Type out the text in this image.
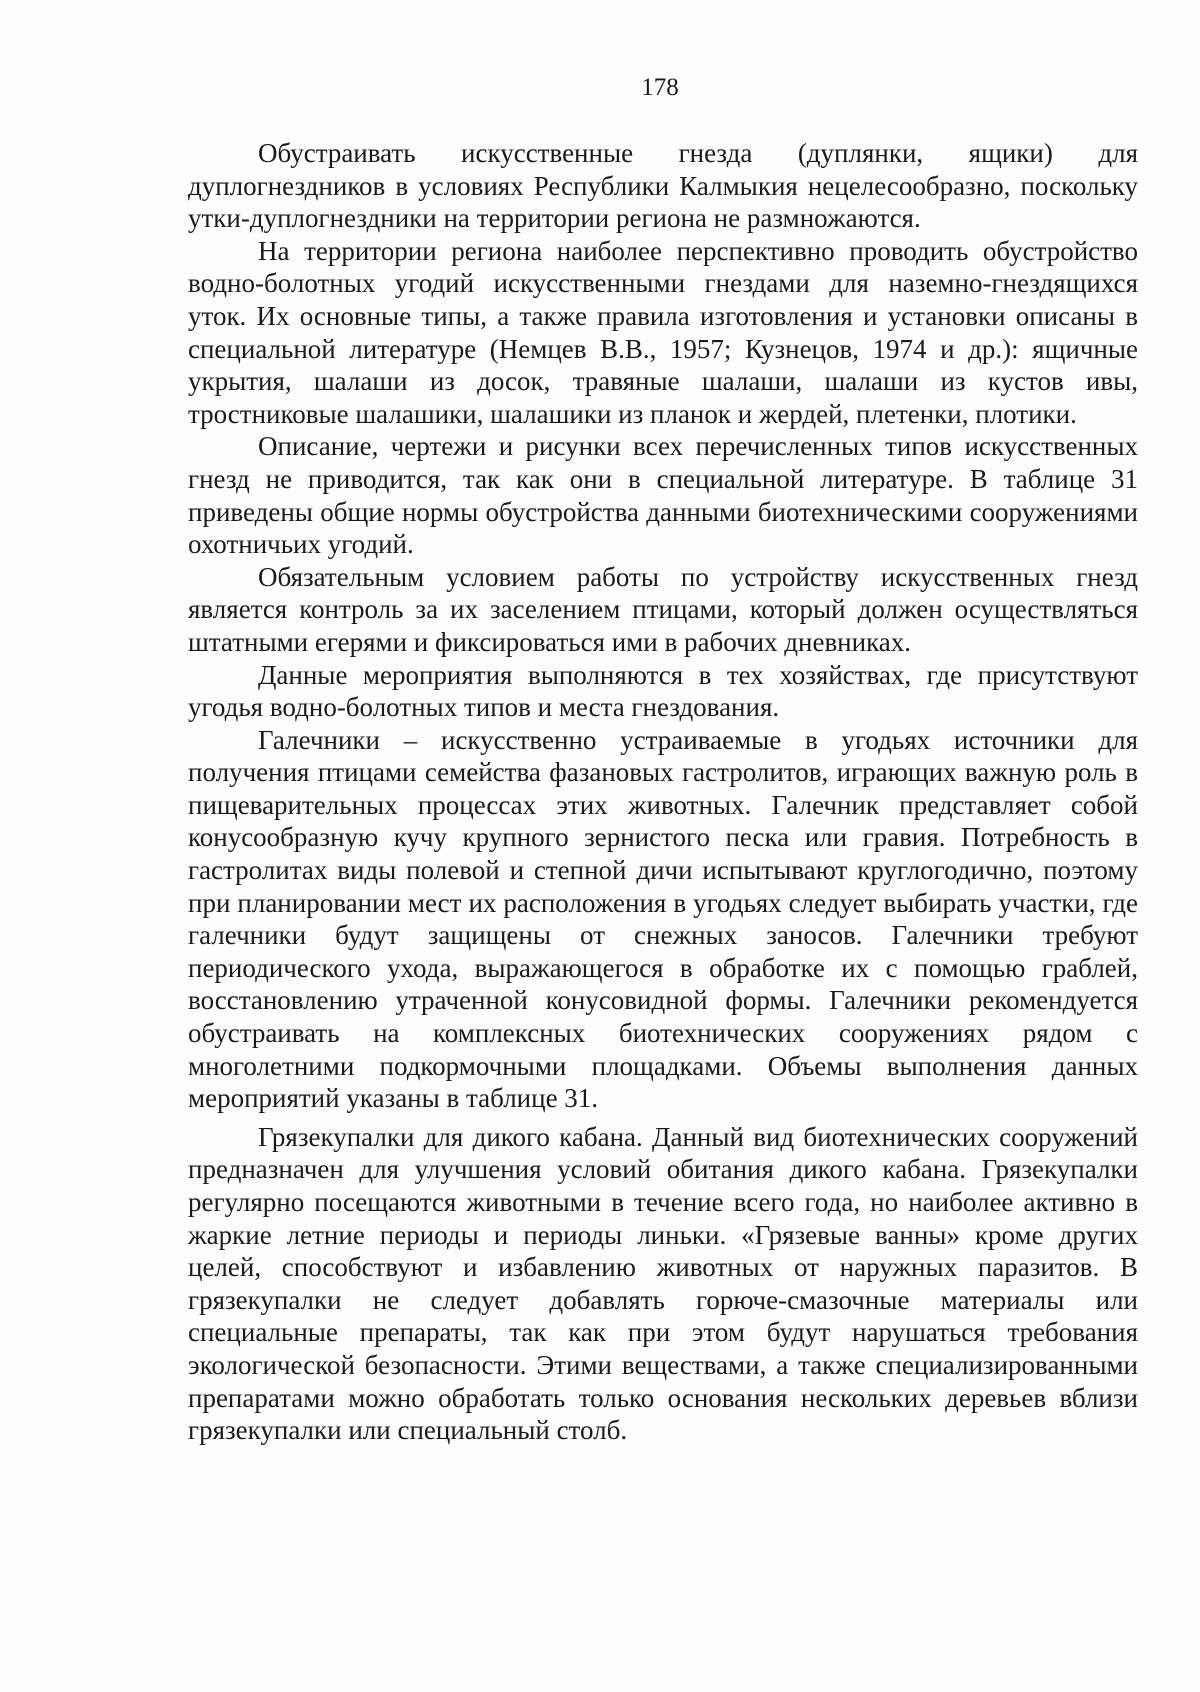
178

Обустраивать искусственные гнезда (дуплянки, ящики) для дуплогнездников в условиях Республики Калмыкия нецелесообразно, поскольку утки-дуплогнездники на территории региона не размножаются.

На территории региона наиболее перспективно проводить обустройство водно-болотных угодий искусственными гнездами для наземно-гнездящихся уток. Их основные типы, а также правила изготовления и установки описаны в специальной литературе (Немцев В.В., 1957; Кузнецов, 1974 и др.): ящичные укрытия, шалаши из досок, травяные шалаши, шалаши из кустов ивы, тростниковые шалашики, шалашики из планок и жердей, плетенки, плотики.

Описание, чертежи и рисунки всех перечисленных типов искусственных гнезд не приводится, так как они в специальной литературе. В таблице 31 приведены общие нормы обустройства данными биотехническими сооружениями охотничьих угодий.

Обязательным условием работы по устройству искусственных гнезд является контроль за их заселением птицами, который должен осуществляться штатными егерями и фиксироваться ими в рабочих дневниках.

Данные мероприятия выполняются в тех хозяйствах, где присутствуют угодья водно-болотных типов и места гнездования.

Галечники – искусственно устраиваемые в угодьях источники для получения птицами семейства фазановых гастролитов, играющих важную роль в пищеварительных процессах этих животных. Галечник представляет собой конусообразную кучу крупного зернистого песка или гравия. Потребность в гастролитах виды полевой и степной дичи испытывают круглогодично, поэтому при планировании мест их расположения в угодьях следует выбирать участки, где галечники будут защищены от снежных заносов. Галечники требуют периодического ухода, выражающегося в обработке их с помощью граблей, восстановлению утраченной конусовидной формы. Галечники рекомендуется обустраивать на комплексных биотехнических сооружениях рядом с многолетними подкормочными площадками. Объемы выполнения данных мероприятий указаны в таблице 31.

Грязекупалки для дикого кабана. Данный вид биотехнических сооружений предназначен для улучшения условий обитания дикого кабана. Грязекупалки регулярно посещаются животными в течение всего года, но наиболее активно в жаркие летние периоды и периоды линьки. «Грязевые ванны» кроме других целей, способствуют и избавлению животных от наружных паразитов. В грязекупалки не следует добавлять горюче-смазочные материалы или специальные препараты, так как при этом будут нарушаться требования экологической безопасности. Этими веществами, а также специализированными препаратами можно обработать только основания нескольких деревьев вблизи грязекупалки или специальный столб.
